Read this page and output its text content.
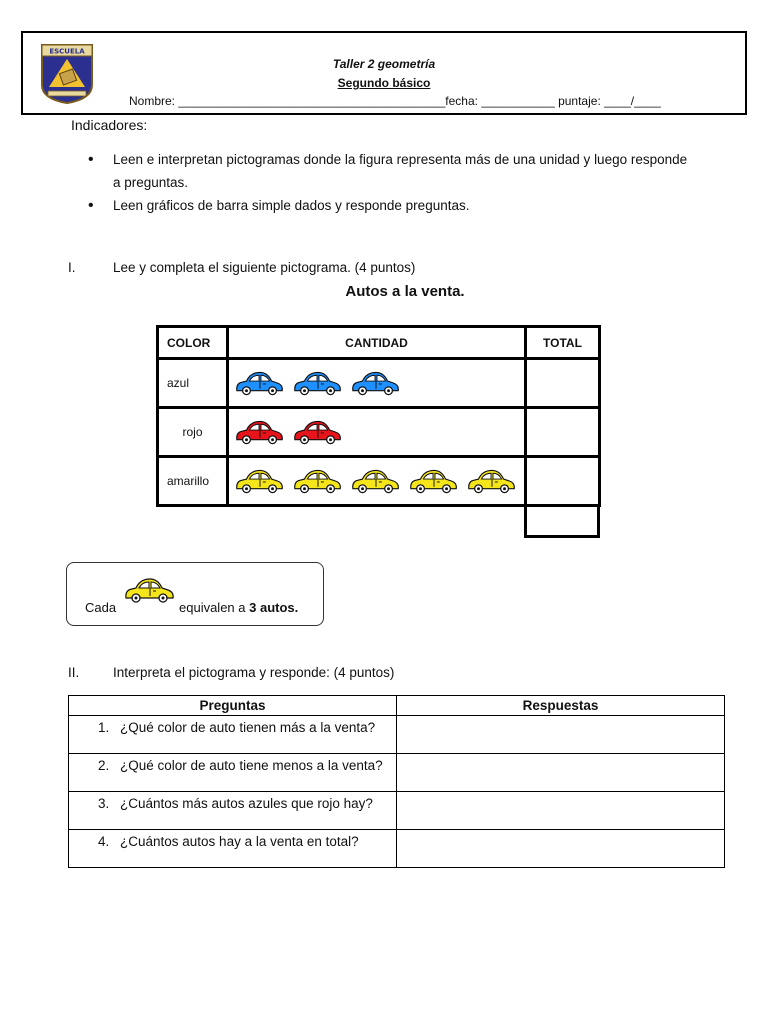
ESCUELA
Taller 2 geometría
Segundo básico
Nombre: ________________________________________fecha: ___________ puntaje: ____/____
Indicadores:
• Leen e interpretan pictogramas donde la figura representa más de una unidad y luego responde a preguntas.
• Leen gráficos de barra simple dados y responde preguntas.
I.	Lee y completa el siguiente pictograma. (4 puntos)
Autos a la venta.
COLOR	CANTIDAD	TOTAL
azul	

rojo	

amarillo	

Cada	equivalen a 3 autos.
II. Interpreta el pictograma y responde: (4 puntos)
Preguntas	Respuestas

1. ¿Qué color de auto tienen más a la venta?	

2. ¿Qué color de auto tiene menos a la venta?	

3. ¿Cuántos más autos azules que rojo hay?	

4. ¿Cuántos autos hay a la venta en total?	
